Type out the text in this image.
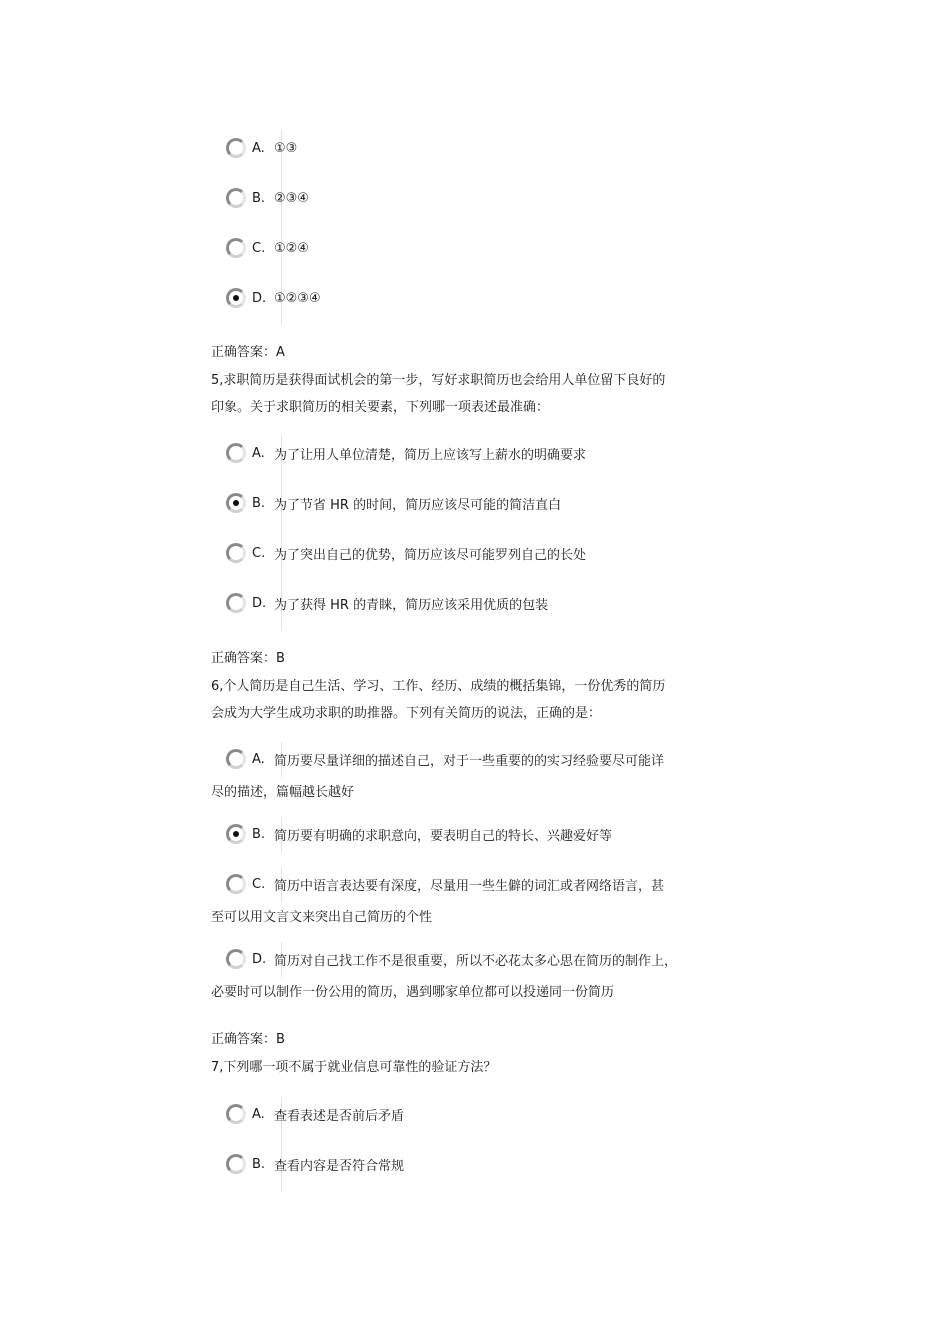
A. ①③
B. ②③④
C. ①②④
D. ①②③④
正确答案：A
5,求职简历是获得面试机会的第一步，写好求职简历也会给用人单位留下良好的
印象。关于求职简历的相关要素，下列哪一项表述最准确：
A. 为了让用人单位清楚，简历上应该写上薪水的明确要求
B. 为了节省 HR 的时间，简历应该尽可能的简洁直白
C. 为了突出自己的优势，简历应该尽可能罗列自己的长处
D. 为了获得 HR 的青睐，简历应该采用优质的包装
正确答案：B
6,个人简历是自己生活、学习、工作、经历、成绩的概括集锦，一份优秀的简历
会成为大学生成功求职的助推器。下列有关简历的说法，正确的是：
A. 简历要尽量详细的描述自己，对于一些重要的的实习经验要尽可能详
尽的描述，篇幅越长越好
B. 简历要有明确的求职意向，要表明自己的特长、兴趣爱好等
C. 简历中语言表达要有深度，尽量用一些生僻的词汇或者网络语言，甚
至可以用文言文来突出自己简历的个性
D. 简历对自己找工作不是很重要，所以不必花太多心思在简历的制作上，
必要时可以制作一份公用的简历，遇到哪家单位都可以投递同一份简历
正确答案：B
7,下列哪一项不属于就业信息可靠性的验证方法？
A. 查看表述是否前后矛盾
B. 查看内容是否符合常规
